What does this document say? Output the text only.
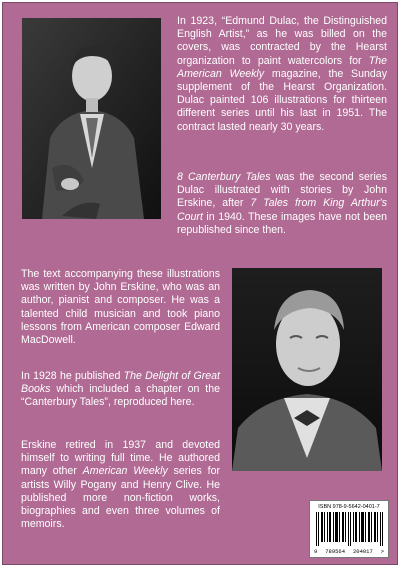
In 1923, “Edmund Dulac, the Distinguished English Artist,” as he was billed on the covers, was contracted by the Hearst organization to paint watercolors for The American Weekly magazine, the Sunday supplement of the Hearst Organization. Dulac painted 106 illustrations for thirteen different series until his last in 1951. The contract lasted nearly 30 years.

8 Canterbury Tales was the second series Dulac illustrated with stories by John Erskine, after 7 Tales from King Arthur's Court in 1940. These images have not been republished since then.

The text accompanying these illustrations was written by John Erskine, who was an author, pianist and composer. He was a talented child musician and took piano lessons from American composer Edward MacDowell.

In 1928 he published The Delight of Great Books which included a chapter on the “Canterbury Tales”, reproduced here.

Erskine retired in 1937 and devoted himself to writing full time. He authored many other American Weekly series for artists Willy Pogany and Henry Clive. He published more non-fiction works, biographies and even three volumes of memoirs.

ISBN 978-9-5642-0401-7
9 789564 204017 >
